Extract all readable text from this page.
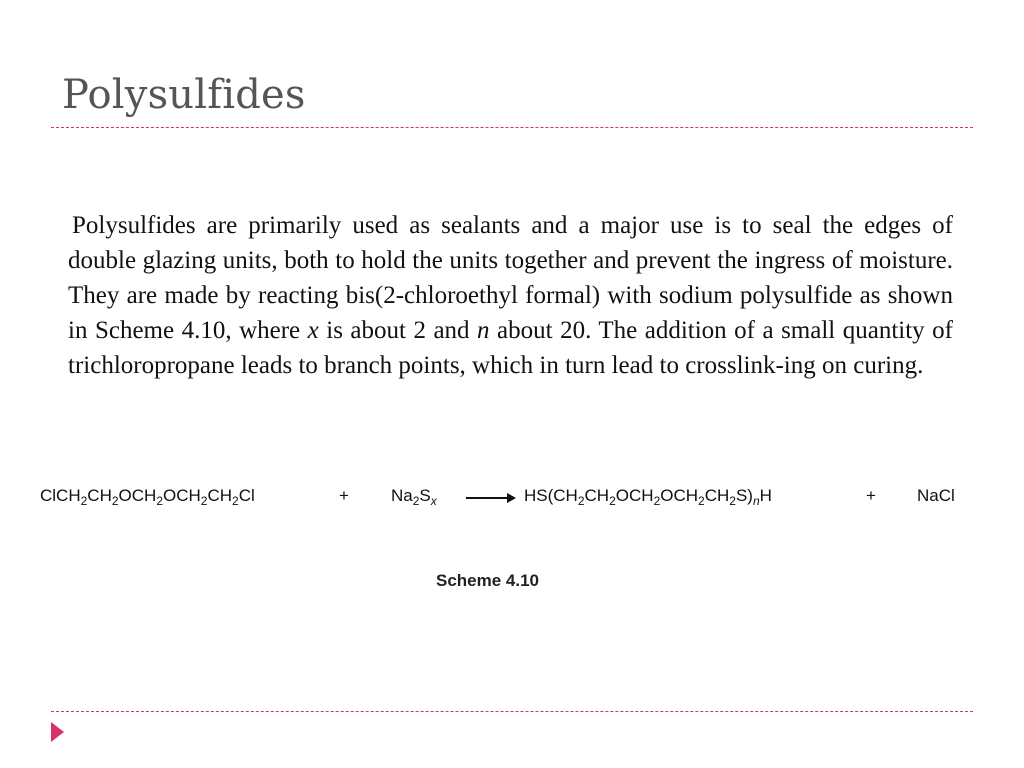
Polysulfides

Polysulfides are primarily used as sealants and a major use is to seal the edges of double glazing units, both to hold the units together and prevent the ingress of moisture. They are made by reacting bis(2-chloroethyl formal) with sodium polysulfide as shown in Scheme 4.10, where x is about 2 and n about 20. The addition of a small quantity of trichloropropane leads to branch points, which in turn lead to crosslink-ing on curing.

$ClCH_2CH_2OCH_2OCH_2CH_2Cl$	+ $Na_2S_x \to HS(CH_2CH_2OCH_2OCH_2CH_2S)_nH$	+ NaCl
Scheme 4.10
